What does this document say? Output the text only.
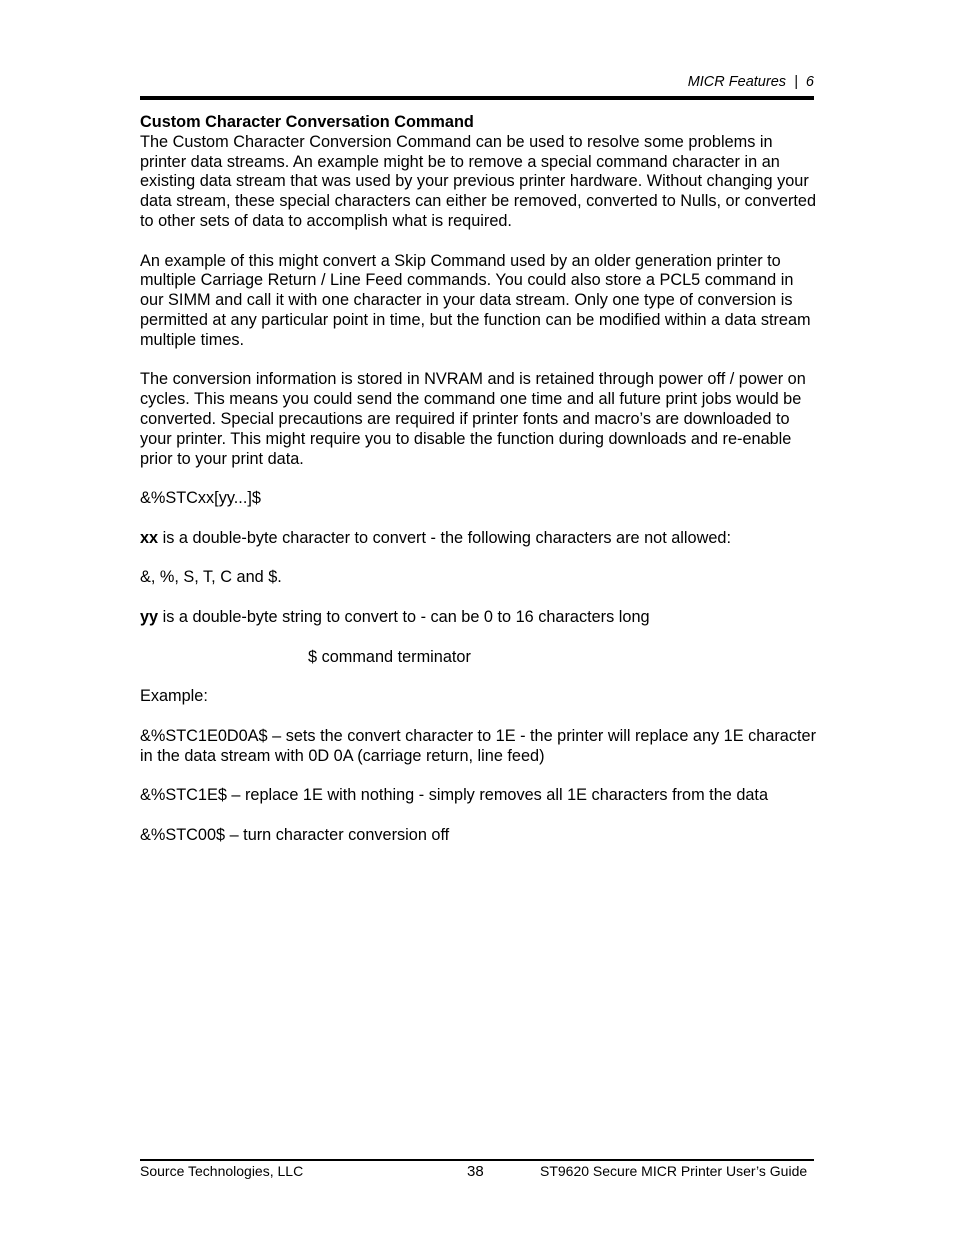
MICR Features | 6

Custom Character Conversation Command

The Custom Character Conversion Command can be used to resolve some problems in printer data streams. An example might be to remove a special command character in an existing data stream that was used by your previous printer hardware. Without changing your data stream, these special characters can either be removed, converted to Nulls, or converted to other sets of data to accomplish what is required.

An example of this might convert a Skip Command used by an older generation printer to multiple Carriage Return / Line Feed commands. You could also store a PCL5 command in our SIMM and call it with one character in your data stream. Only one type of conversion is permitted at any particular point in time, but the function can be modified within a data stream multiple times.

The conversion information is stored in NVRAM and is retained through power off / power on cycles. This means you could send the command one time and all future print jobs would be converted. Special precautions are required if printer fonts and macro’s are downloaded to your printer. This might require you to disable the function during downloads and re-enable prior to your print data.

&%STCxx[yy...]$

xx is a double-byte character to convert - the following characters are not allowed:

&, %, S, T, C and $.

yy is a double-byte string to convert to - can be 0 to 16 characters long

$ command terminator

Example:

&%STC1E0D0A$ – sets the convert character to 1E - the printer will replace any 1E character in the data stream with 0D 0A (carriage return, line feed)

&%STC1E$ – replace 1E with nothing - simply removes all 1E characters from the data

&%STC00$ – turn character conversion off

Source Technologies, LLC	38	ST9620 Secure MICR Printer User’s Guide
